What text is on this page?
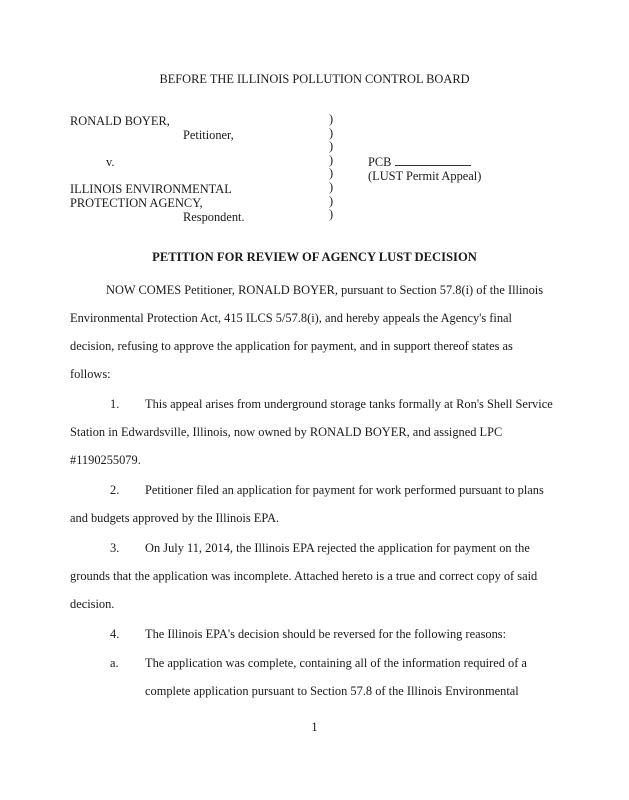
BEFORE THE ILLINOIS POLLUTION CONTROL BOARD
RONALD BOYER,
Petitioner,
v.
ILLINOIS ENVIRONMENTAL
PROTECTION AGENCY,
Respondent.
)
)
)
)
)
)
)
)
PCB
(LUST Permit Appeal)
PETITION FOR REVIEW OF AGENCY LUST DECISION
NOW COMES Petitioner, RONALD BOYER, pursuant to Section 57.8(i) of the Illinois
Environmental Protection Act, 415 ILCS 5/57.8(i), and hereby appeals the Agency's final
decision, refusing to approve the application for payment, and in support thereof states as
follows:
1. This appeal arises from underground storage tanks formally at Ron's Shell Service
Station in Edwardsville, Illinois, now owned by RONALD BOYER, and assigned LPC
#1190255079.
2. Petitioner filed an application for payment for work performed pursuant to plans
and budgets approved by the Illinois EPA.
3. On July 11, 2014, the Illinois EPA rejected the application for payment on the
grounds that the application was incomplete. Attached hereto is a true and correct copy of said
decision.
4. The Illinois EPA's decision should be reversed for the following reasons:
a. The application was complete, containing all of the information required of a
complete application pursuant to Section 57.8 of the Illinois Environmental
1
